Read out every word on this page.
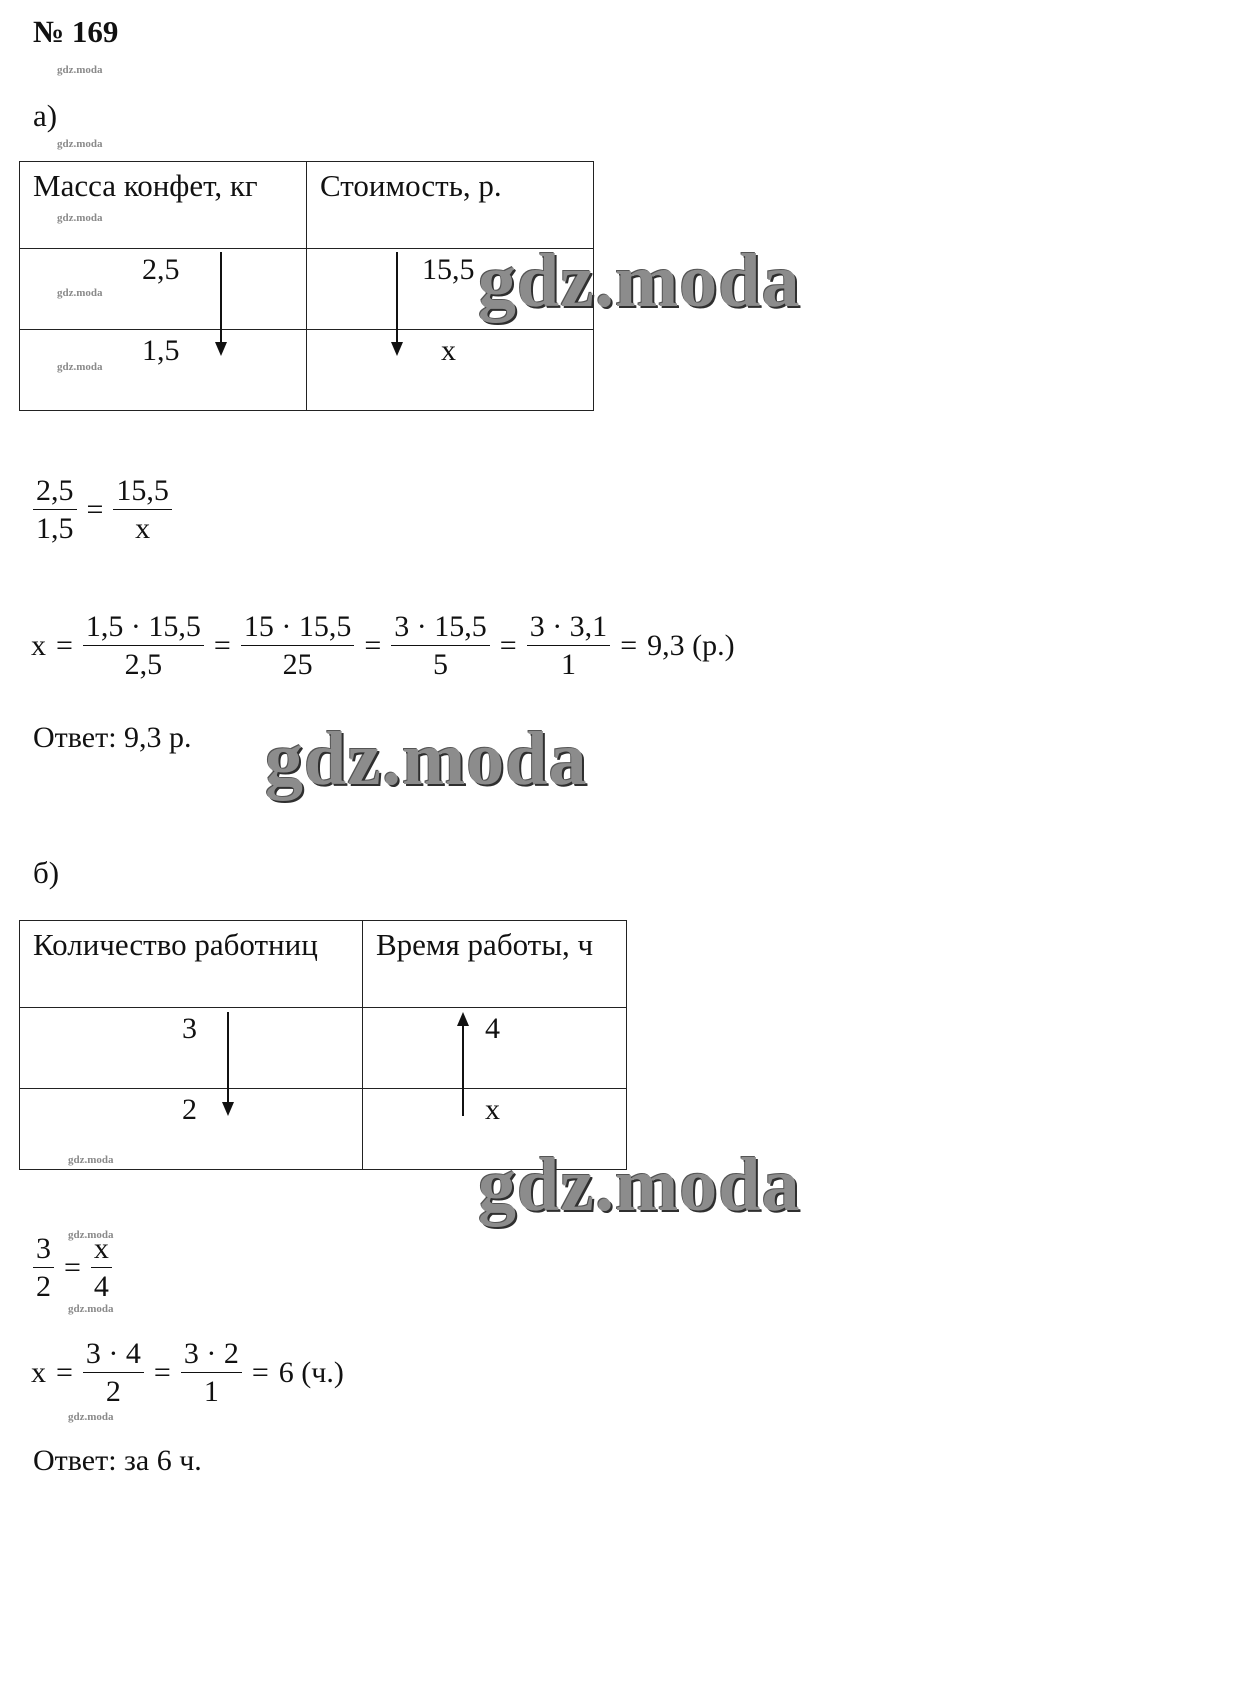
№ 169
gdz.moda
gdz.moda
gdz.moda
gdz.moda
gdz.moda
gdz.moda
gdz.moda
gdz.moda
gdz.moda
а)
Масса конфет, кг	Стоимость, р.

2,5	15,5

1,5	x
$\frac{2,5}{1,5} = \frac{15,5}{x}$
$x = \frac{1,5 \cdot 15,5}{2,5} = \frac{15 \cdot 15,5}{25} = \frac{3 \cdot 15,5}{5} = \frac{3 \cdot 3,1}{1} = 9,3$ (р.)
Ответ: 9,3 р.
б)
Количество работниц	Время работы, ч

3	4

2	x
$\frac{3}{2} = \frac{x}{4}$
$x = \frac{3 \cdot 4}{2} = \frac{3 \cdot 2}{1} = 6$ (ч.)
Ответ: за 6 ч.
gdz.moda
gdz.moda
gdz.moda
